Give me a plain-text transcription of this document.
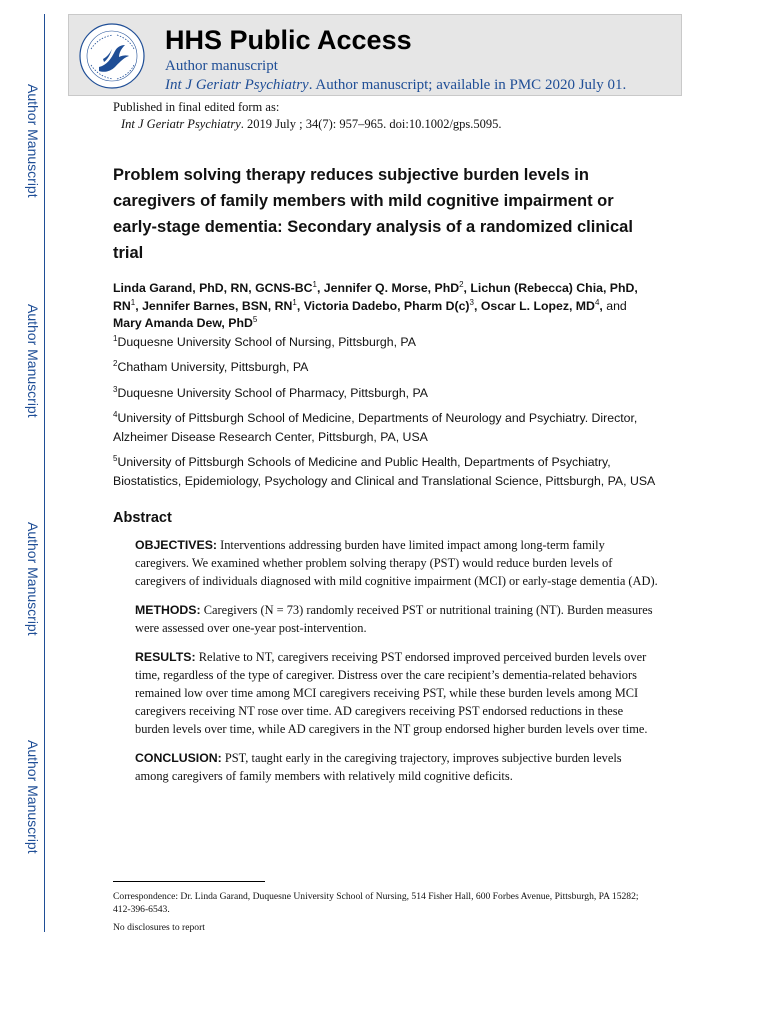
Author Manuscript
Author Manuscript
Author Manuscript
Author Manuscript
HHS Public Access
Author manuscript
Int J Geriatr Psychiatry. Author manuscript; available in PMC 2020 July 01.
Published in final edited form as:
Int J Geriatr Psychiatry. 2019 July ; 34(7): 957–965. doi:10.1002/gps.5095.
Problem solving therapy reduces subjective burden levels in caregivers of family members with mild cognitive impairment or early-stage dementia: Secondary analysis of a randomized clinical trial

Linda Garand, PhD, RN, GCNS-$BC^1$, Jennifer Q. Morse, PhD$^2$, Lichun (Rebecca) Chia, PhD, $RN^1$, Jennifer Barnes, BSN, $RN^1$, Victoria Dadebo, Pharm $D(c)^3$, Oscar L. Lopez, $MD^4$, and Mary Amanda Dew, PhD$^5$

$^1$Duquesne University School of Nursing, Pittsburgh, PA

$^2$Chatham University, Pittsburgh, PA

$^3$Duquesne University School of Pharmacy, Pittsburgh, PA

$^4$University of Pittsburgh School of Medicine, Departments of Neurology and Psychiatry. Director, Alzheimer Disease Research Center, Pittsburgh, PA, USA

$^5$University of Pittsburgh Schools of Medicine and Public Health, Departments of Psychiatry, Biostatistics, Epidemiology, Psychology and Clinical and Translational Science, Pittsburgh, PA, USA

Abstract

OBJECTIVES: Interventions addressing burden have limited impact among long-term family caregivers. We examined whether problem solving therapy (PST) would reduce burden levels of caregivers of individuals diagnosed with mild cognitive impairment (MCI) or early-stage dementia (AD).

METHODS: Caregivers (N = 73) randomly received PST or nutritional training (NT). Burden measures were assessed over one-year post-intervention.

RESULTS: Relative to NT, caregivers receiving PST endorsed improved perceived burden levels over time, regardless of the type of caregiver. Distress over the care recipient’s dementia-related behaviors remained low over time among MCI caregivers receiving PST, while these burden levels among MCI caregivers receiving NT rose over time. AD caregivers receiving PST endorsed reductions in these burden levels over time, while AD caregivers in the NT group endorsed higher burden levels over time.

CONCLUSION: PST, taught early in the caregiving trajectory, improves subjective burden levels among caregivers of family members with relatively mild cognitive deficits.

Correspondence: Dr. Linda Garand, Duquesne University School of Nursing, 514 Fisher Hall, 600 Forbes Avenue, Pittsburgh, PA 15282; 412-396-6543.

No disclosures to report
